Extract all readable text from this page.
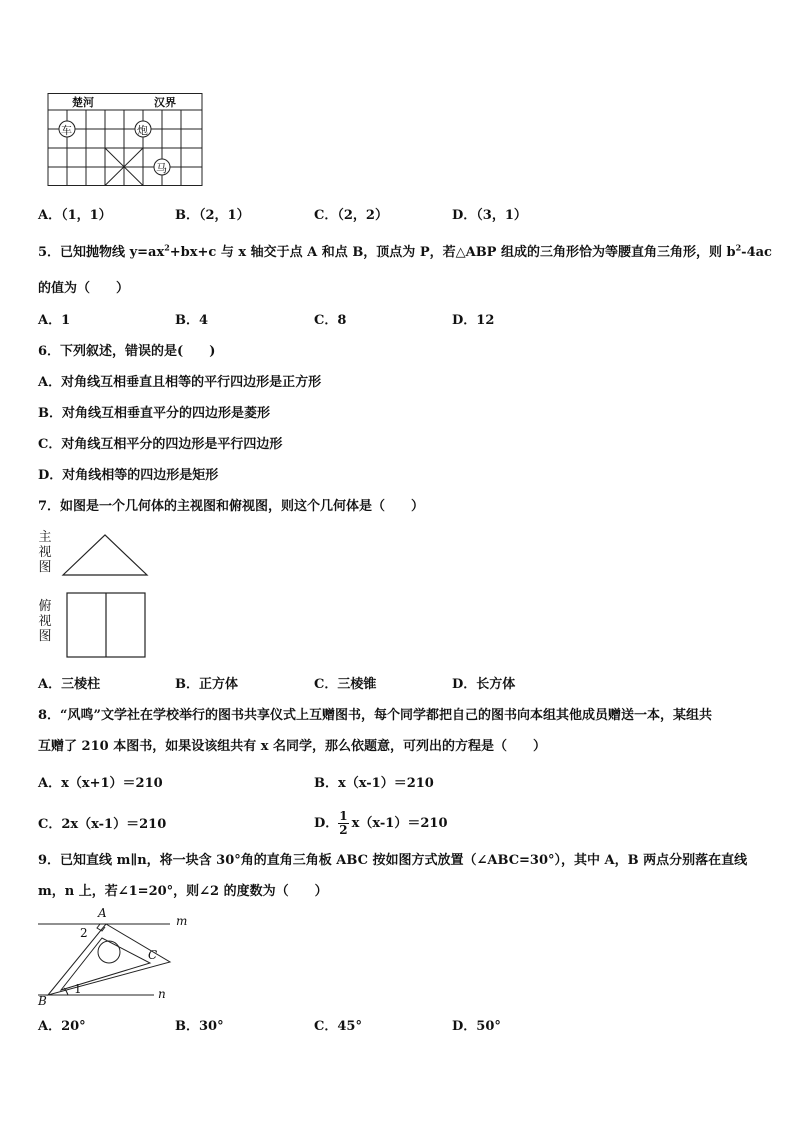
楚河	汉界
车	炮
马
A．（1，1）	B．（2，1）	C．（2，2）	D．（3，1）
5．已知抛物线 $y=ax^2+bx+c$ 与 x 轴交于点 A 和点 B，顶点为 P，若△ABP 组成的三角形恰为等腰直角三角形，则 $b^2-4ac$
的值为（　　）
A．1	B．4	C．8	D．12
6．下列叙述，错误的是(　　)
A．对角线互相垂直且相等的平行四边形是正方形
B．对角线互相垂直平分的四边形是菱形
C．对角线互相平分的四边形是平行四边形
D．对角线相等的四边形是矩形
7．如图是一个几何体的主视图和俯视图，则这个几何体是（　　）
主
视
图
俯
视
图
A．三棱柱	B．正方体	C．三棱锥	D．长方体
8．“风鸣”文学社在学校举行的图书共享仪式上互赠图书，每个同学都把自己的图书向本组其他成员赠送一本，某组共
互赠了 210 本图书，如果设该组共有 x 名同学，那么依题意，可列出的方程是（　　）
A．x（x+1）＝210	B．x（x-1）＝210
C．2x（x-1）＝210	D． $\frac{1}{2} x(x-1)=210$
9．已知直线 m∥n，将一块含 30°角的直角三角板 ABC 按如图方式放置（∠ABC=30°），其中 A，B 两点分别落在直线
m，n 上，若∠1=20°，则∠2 的度数为（　　）
A
m
2
C
1	n
B
A．20°	B．30°	C．45°	D．50°
